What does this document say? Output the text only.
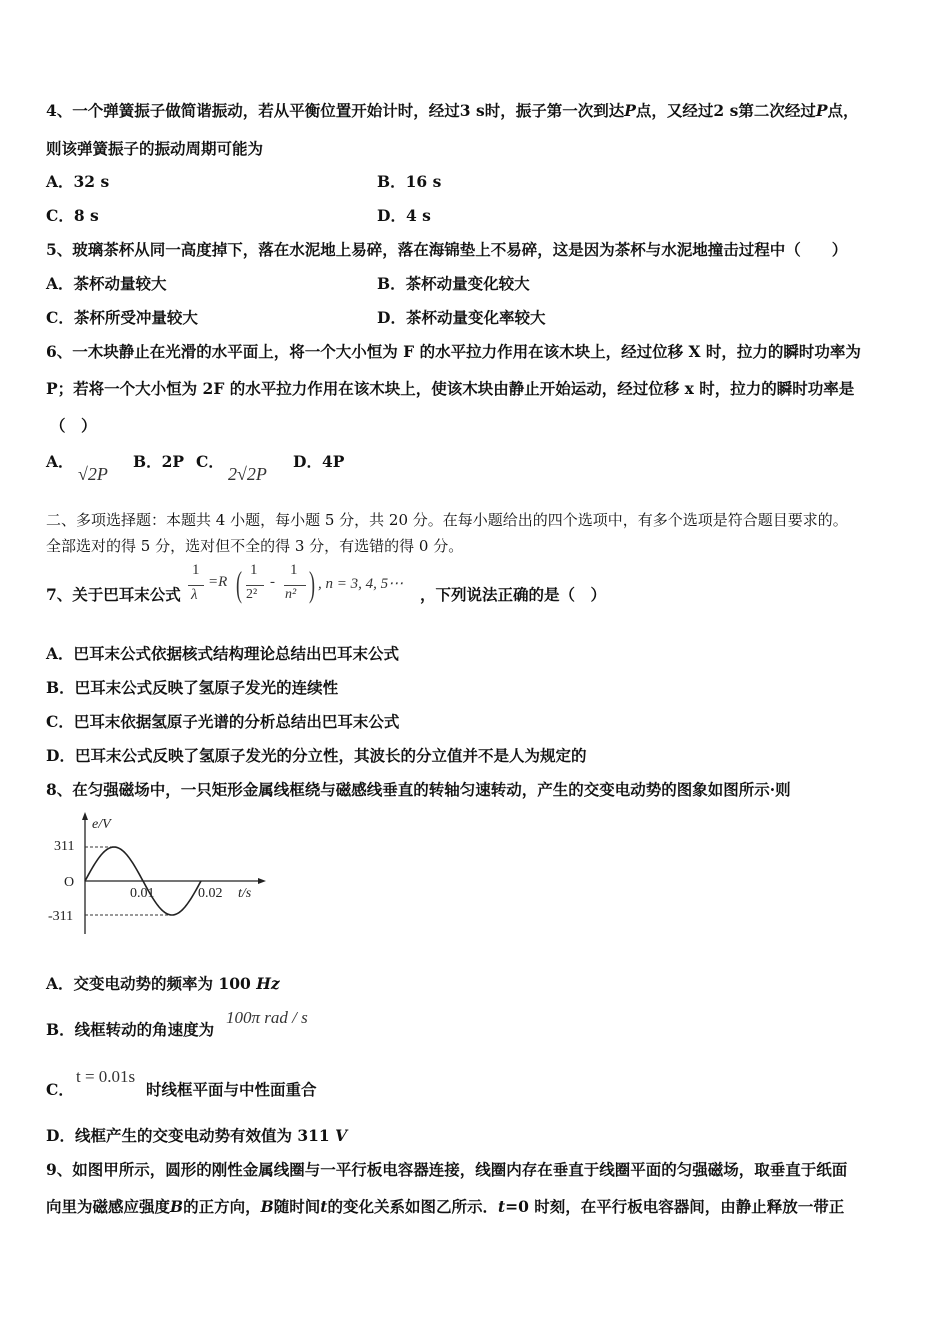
4、一个弹簧振子做简谐振动，若从平衡位置开始计时，经过3 s时，振子第一次到达P点，又经过2 s第二次经过P点，
则该弹簧振子的振动周期可能为
A．32 s	B．16 s
C．8 s	D．4 s
5、玻璃茶杯从同一高度掉下，落在水泥地上易碎，落在海锦垫上不易碎，这是因为茶杯与水泥地撞击过程中（　　）
A．茶杯动量较大	B．茶杯动量变化较大
C．茶杯所受冲量较大	D．茶杯动量变化率较大
6、一木块静止在光滑的水平面上，将一个大小恒为 F 的水平拉力作用在该木块上，经过位移 X 时，拉力的瞬时功率为
P；若将一个大小恒为 2F 的水平拉力作用在该木块上，使该木块由静止开始运动，经过位移 x 时，拉力的瞬时功率是
（　）
A．
√2P
B．2P C．
2√2P
D．4P
二、多项选择题：本题共 4 小题，每小题 5 分，共 20 分。在每小题给出的四个选项中，有多个选项是符合题目要求的。
全部选对的得 5 分，选对但不全的得 3 分，有选错的得 0 分。
7、关于巴耳末公式
1
λ
=R ( 1
2²
-
1
n² ) , n = 3, 4, 5⋯
，下列说法正确的是（　）
A．巴耳末公式依据核式结构理论总结出巴耳末公式
B．巴耳末公式反映了氢原子发光的连续性
C．巴耳末依据氢原子光谱的分析总结出巴耳末公式
D．巴耳末公式反映了氢原子发光的分立性，其波长的分立值并不是人为规定的
8、在匀强磁场中，一只矩形金属线框绕与磁感线垂直的转轴匀速转动，产生的交变电动势的图象如图所示·则
e/V
311
O
-311
0.01	0.02 t/s
A．交变电动势的频率为 100 Hz
B．线框转动的角速度为
100π rad / s
C．
t = 0.01s
时线框平面与中性面重合
D．线框产生的交变电动势有效值为 311 V
9、如图甲所示，圆形的刚性金属线圈与一平行板电容器连接，线圈内存在垂直于线圈平面的匀强磁场，取垂直于纸面
向里为磁感应强度B的正方向，B随时间t的变化关系如图乙所示．t=0 时刻，在平行板电容器间，由静止释放一带正
